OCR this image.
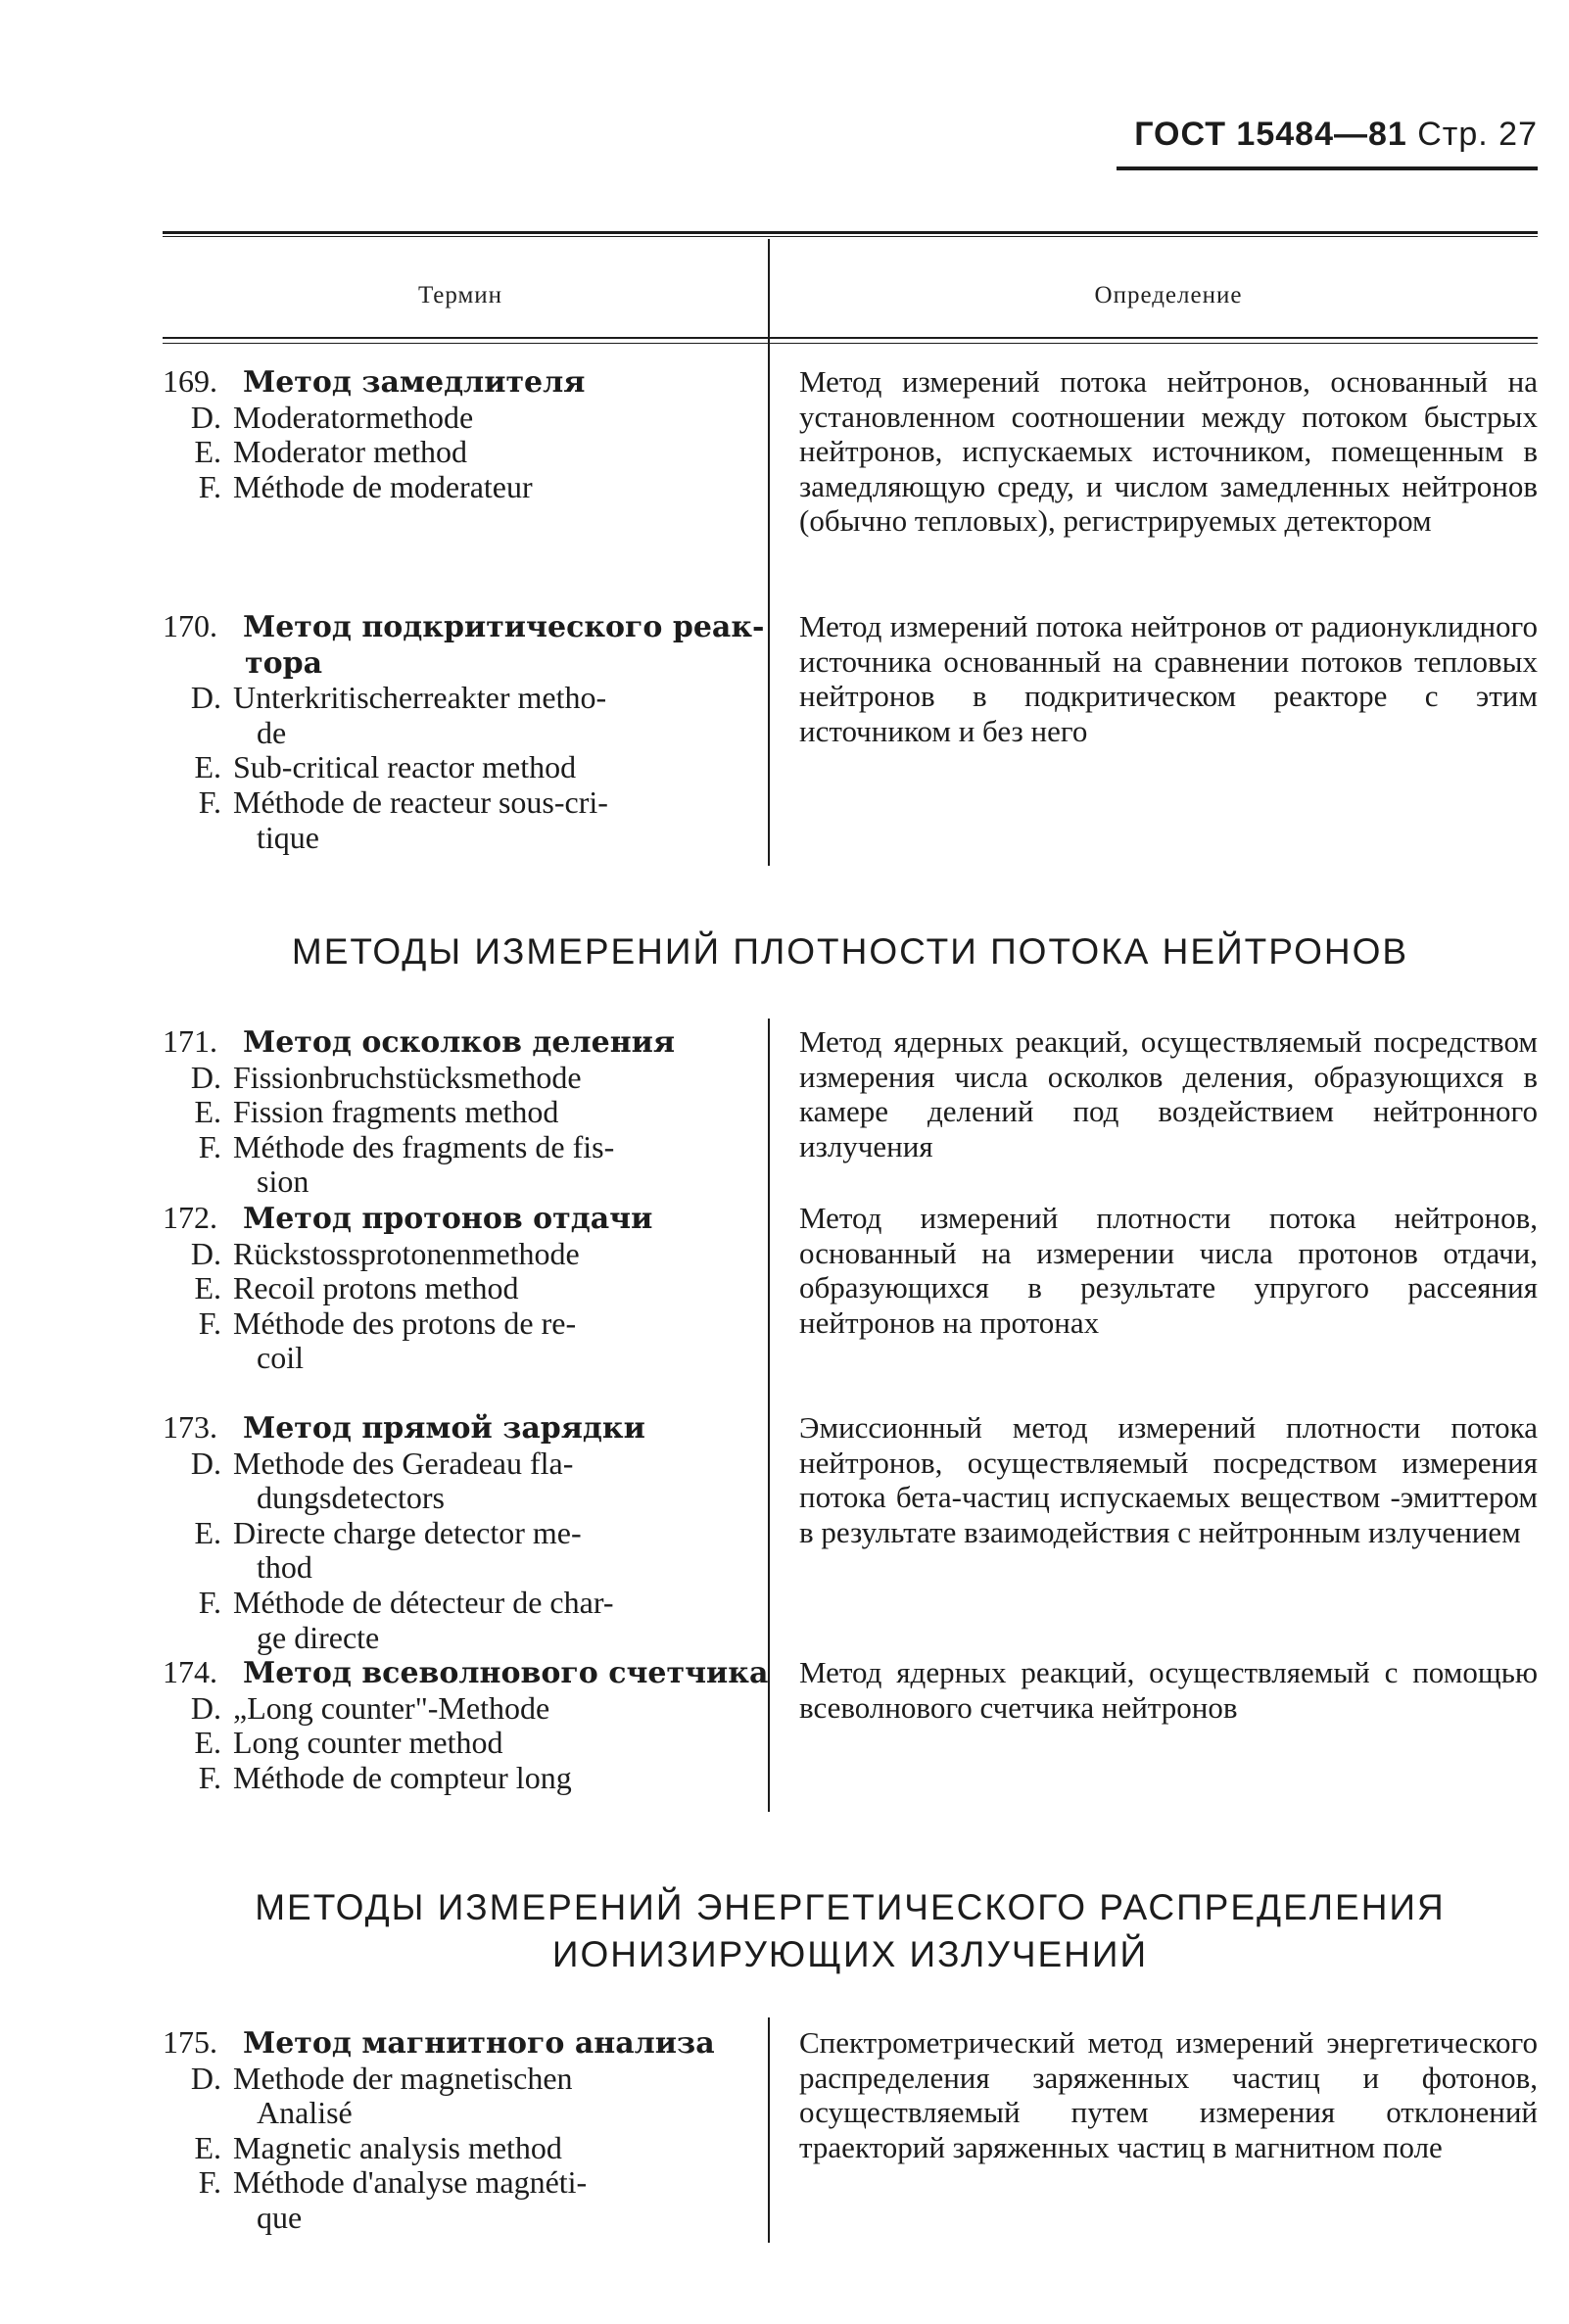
ГОСТ 15484—81 Стр. 27
Термин	Определение
169. Метод замедлителя
D. Moderatormethode
E. Moderator method
F. Méthode de moderateur
Метод измерений потока нейтронов, основанный на установленном соотношении между потоком быстрых нейтронов, испускаемых источником, помещенным в замедляющую среду, и числом замедленных нейтронов (обычно тепловых), регистрируемых детектором
170. Метод подкритического реак-
тора
D. Unterkritischerreakter metho-
de
E. Sub-critical reactor method
F. Méthode de reacteur sous-cri-
tique
Метод измерений потока нейтронов от радионуклидного источника основанный на сравнении потоков тепловых нейтронов в подкритическом реакторе с этим источником и без него
МЕТОДЫ ИЗМЕРЕНИЙ ПЛОТНОСТИ ПОТОКА НЕЙТРОНОВ
171. Метод осколков деления
D. Fissionbruchstücksmethode
E. Fission fragments method
F. Méthode des fragments de fis-
sion
Метод ядерных реакций, осуществляемый посредством измерения числа осколков деления, образующихся в камере делений под воздействием нейтронного излучения
172. Метод протонов отдачи
D. Rückstossprotonenmethode
E. Recoil protons method
F. Méthode des protons de re-
coil
Метод измерений плотности потока нейтронов, основанный на измерении числа протонов отдачи, образующихся в результате упругого рассеяния нейтронов на протонах
173. Метод прямой зарядки
D. Methode des Geradeau fla-
dungsdetectors
E. Directe charge detector me-
thod
F. Méthode de détecteur de char-
ge directe
Эмиссионный метод измерений плотности потока нейтронов, осуществляемый посредством измерения потока бета-частиц испускаемых веществом -эмиттером в результате взаимодействия с нейтронным излучением
174. Метод всеволнового счетчика
D. „Long counter"-Methode
E. Long counter method
F. Méthode de compteur long
Метод ядерных реакций, осуществляемый с помощью всеволнового счетчика нейтронов
МЕТОДЫ ИЗМЕРЕНИЙ ЭНЕРГЕТИЧЕСКОГО РАСПРЕДЕЛЕНИЯ
ИОНИЗИРУЮЩИХ ИЗЛУЧЕНИЙ
175. Метод магнитного анализа
D. Methode der magnetischen
Analisé
E. Magnetic analysis method
F. Méthode d'analyse magnéti-
que
Спектрометрический метод измерений энергетического распределения заряженных частиц и фотонов, осуществляемый путем измерения отклонений траекторий заряженных частиц в магнитном поле
